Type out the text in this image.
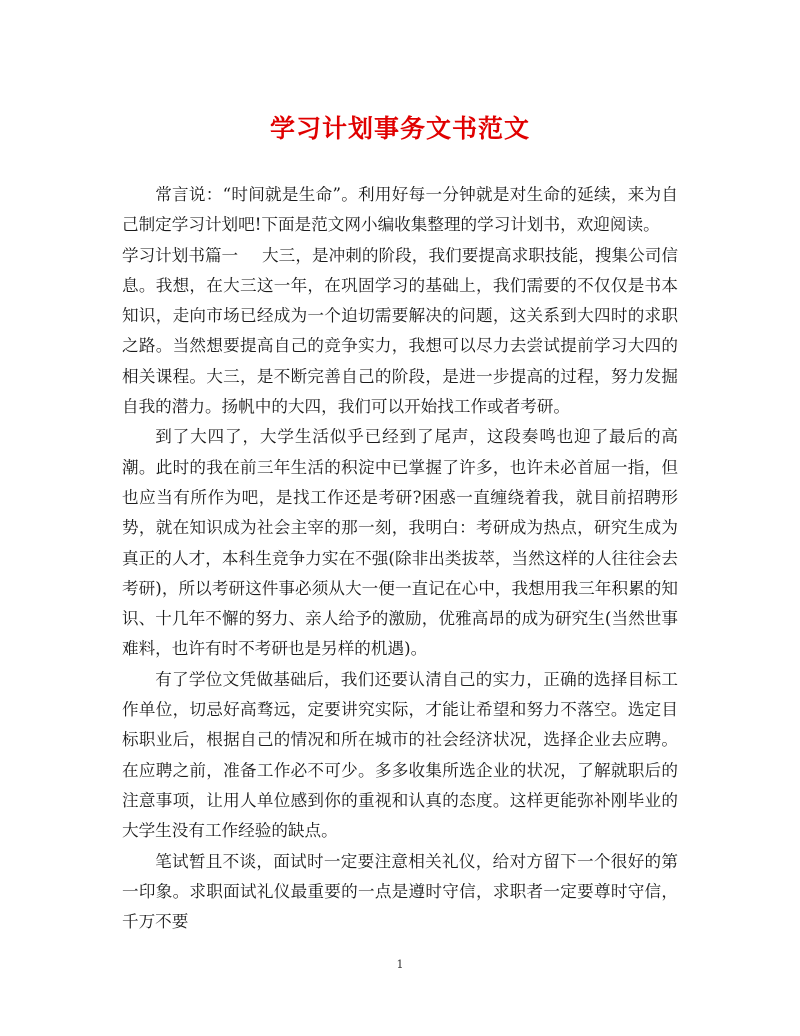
学习计划事务文书范文

常言说：“时间就是生命”。利用好每一分钟就是对生命的延续，来为自己制定学习计划吧!下面是范文网小编收集整理的学习计划书，欢迎阅读。

学习计划书篇一 大三，是冲刺的阶段，我们要提高求职技能，搜集公司信息。我想，在大三这一年，在巩固学习的基础上，我们需要的不仅仅是书本知识，走向市场已经成为一个迫切需要解决的问题，这关系到大四时的求职之路。当然想要提高自己的竞争实力，我想可以尽力去尝试提前学习大四的相关课程。大三，是不断完善自己的阶段，是进一步提高的过程，努力发掘自我的潜力。扬帆中的大四，我们可以开始找工作或者考研。

到了大四了，大学生活似乎已经到了尾声，这段奏鸣也迎了最后的高潮。此时的我在前三年生活的积淀中已掌握了许多，也许未必首屈一指，但也应当有所作为吧，是找工作还是考研?困惑一直缠绕着我，就目前招聘形势，就在知识成为社会主宰的那一刻，我明白：考研成为热点，研究生成为真正的人才，本科生竞争力实在不强(除非出类拔萃，当然这样的人往往会去考研)，所以考研这件事必须从大一便一直记在心中，我想用我三年积累的知识、十几年不懈的努力、亲人给予的激励，优雅高昂的成为研究生(当然世事难料，也许有时不考研也是另样的机遇)。

有了学位文凭做基础后，我们还要认清自己的实力，正确的选择目标工作单位，切忌好高骛远，定要讲究实际，才能让希望和努力不落空。选定目标职业后，根据自己的情况和所在城市的社会经济状况，选择企业去应聘。在应聘之前，准备工作必不可少。多多收集所选企业的状况，了解就职后的注意事项，让用人单位感到你的重视和认真的态度。这样更能弥补刚毕业的大学生没有工作经验的缺点。

笔试暂且不谈，面试时一定要注意相关礼仪，给对方留下一个很好的第一印象。求职面试礼仪最重要的一点是遵时守信，求职者一定要尊时守信，千万不要

1
